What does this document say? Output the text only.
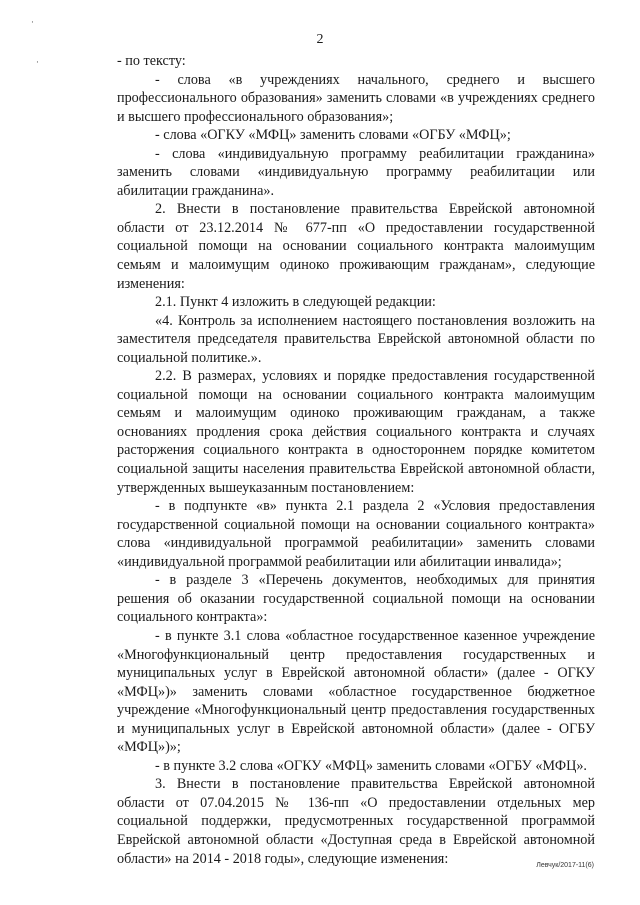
·
·
2

- по тексту:

- слова «в учреждениях начального, среднего и высшего профессионального образования» заменить словами «в учреждениях среднего и высшего профессионального образования»;

- слова «ОГКУ «МФЦ» заменить словами «ОГБУ «МФЦ»;

- слова «индивидуальную программу реабилитации гражданина» заменить словами «индивидуальную программу реабилитации или абилитации гражданина».

2. Внести в постановление правительства Еврейской автономной области от 23.12.2014 № 677-пп «О предоставлении государственной социальной помощи на основании социального контракта малоимущим семьям и малоимущим одиноко проживающим гражданам», следующие изменения:

2.1. Пункт 4 изложить в следующей редакции:

«4. Контроль за исполнением настоящего постановления возложить на заместителя председателя правительства Еврейской автономной области по социальной политике.».

2.2. В размерах, условиях и порядке предоставления государственной социальной помощи на основании социального контракта малоимущим семьям и малоимущим одиноко проживающим гражданам, а также основаниях продления срока действия социального контракта и случаях расторжения социального контракта в одностороннем порядке комитетом социальной защиты населения правительства Еврейской автономной области, утвержденных вышеуказанным постановлением:

- в подпункте «в» пункта 2.1 раздела 2 «Условия предоставления государственной социальной помощи на основании социального контракта» слова «индивидуальной программой реабилитации» заменить словами «индивидуальной программой реабилитации или абилитации инвалида»;

- в разделе 3 «Перечень документов, необходимых для принятия решения об оказании государственной социальной помощи на основании социального контракта»:

- в пункте 3.1 слова «областное государственное казенное учреждение «Многофункциональный центр предоставления государственных и муниципальных услуг в Еврейской автономной области» (далее - ОГКУ «МФЦ»)» заменить словами «областное государственное бюджетное учреждение «Многофункциональный центр предоставления государственных и муниципальных услуг в Еврейской автономной области» (далее - ОГБУ «МФЦ»)»;

- в пункте 3.2 слова «ОГКУ «МФЦ» заменить словами «ОГБУ «МФЦ».

3. Внести в постановление правительства Еврейской автономной области от 07.04.2015 № 136-пп «О предоставлении отдельных мер социальной поддержки, предусмотренных государственной программой Еврейской автономной области «Доступная среда в Еврейской автономной области» на 2014 - 2018 годы», следующие изменения:	Левчук/2017-11(6)
